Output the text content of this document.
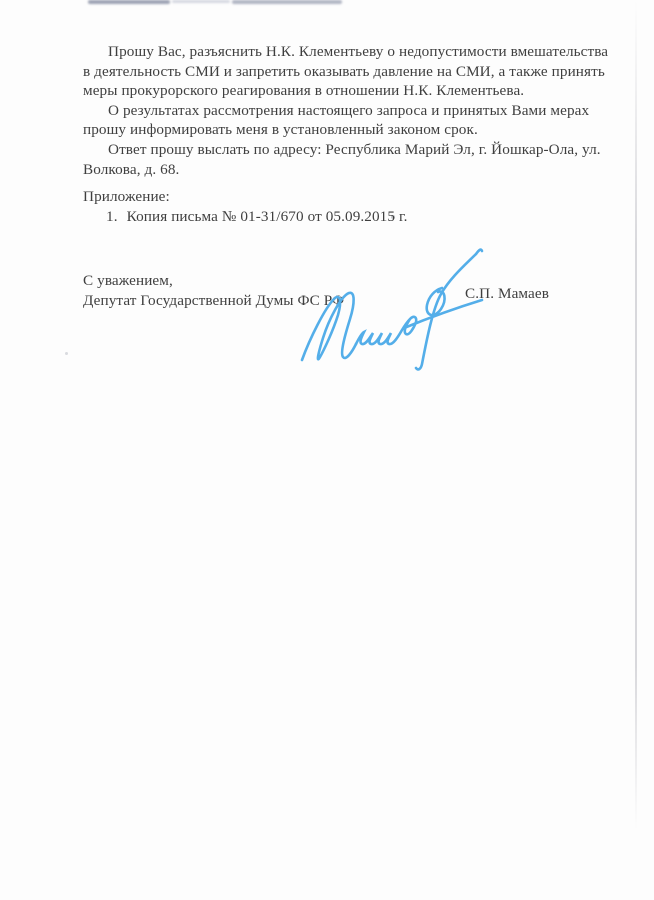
Прошу Вас, разъяснить Н.К. Клементьеву о недопустимости вмешательства
в деятельность СМИ и запретить оказывать давление на СМИ, а также принять
меры прокурорского реагирования в отношении Н.К. Клементьева.
О результатах рассмотрения настоящего запроса и принятых Вами мерах
прошу информировать меня в установленный законом срок.
Ответ прошу выслать по адресу: Республика Марий Эл, г. Йошкар-Ола, ул.
Волкова, д. 68.
Приложение:
1. Копия письма № 01-31/670 от 05.09.2015 г.
С уважением,
Депутат Государственной Думы ФС РФ	С.П. Мамаев
